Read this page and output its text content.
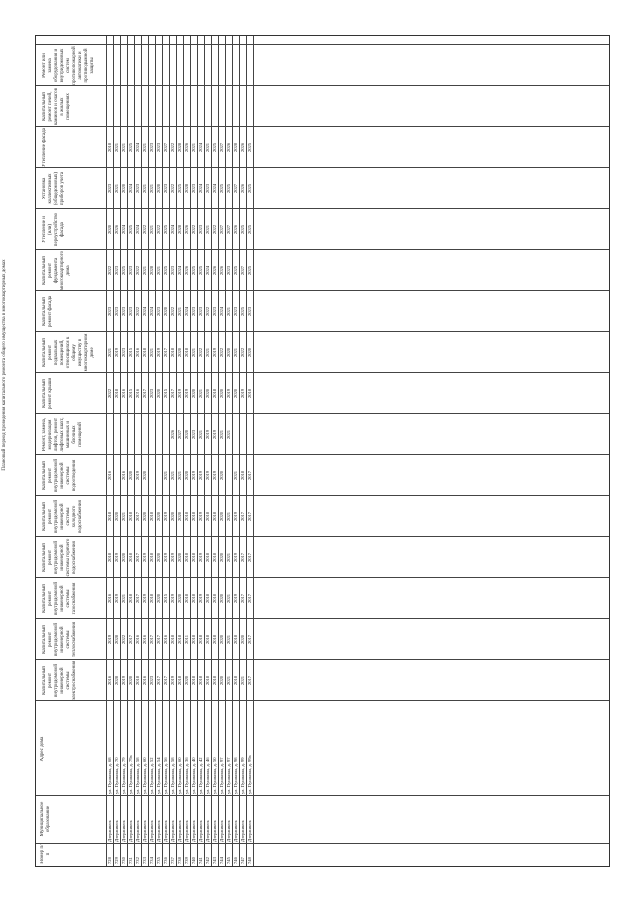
Плановый период проведения капитального ремонта общего имущества в многоквартирных домах
Номер п/п
Муниципальное образование
Адрес дома
Капитальный ремонт внутридомовой инженерной системы электроснабжения
Капитальный ремонт внутридомовой инженерной системы теплоснабжения
Капитальный ремонт внутридомовой инженерной системы газоснабжения
Капитальный ремонт внутридомовой инженерной системы горячего водоснабжения
Капитальный ремонт внутридомовой инженерной системы холодного водоснабжения
Капитальный ремонт внутридомовой инженерной системы водоотведения
Ремонт, замена, модернизация лифтов, ремонт лифтовых шахт, машинных и блочных помещений
Капитальный ремонт крыши
Капитальный ремонт подвальных помещений, относящихся к общему имуществу в многоквартирном доме
Капитальный ремонт фасада
Капитальный ремонт фундамента многоквартирного дома
Утепление и (или) переустройство фасада
Установка коллективных (общедомовых) приборов учета
Утепление фасада
Капитальный ремонт печей, каминов и очагов в жилых помещениях
Ремонт или замена оборудования и внутридомовых систем противопожарной автоматики и противодымной защиты
728
Дзержинск
ул. Пушкина, д. 68
2016
2019
2016
2018
2018
2016
2022
2021
2023
2022
2020
2023
2018
729
Дзержинск
ул. Пушкина, д. 70
2028
2028
2019
2019
2020
2018
2019
2023
2023
2026
2021
2021
730
Дзержинск
ул. Пушкина, д. 79
2019
2022
2021
2020
2021
2016
2016
2023
2023
2025
2024
2020
2021
731
Дзержинск
ул. Пушкина, д. 79а
2020
2017
2018
2018
2018
2020
2015
2015
2023
2023
2025
2024
2025
732
Дзержинск
ул. Пушкина, д. 58
2018
2016
2017
2017
2017
2019
2016
2016
2022
2022
2024
2023
2024
733
Дзержинск
ул. Пушкина, д. 60
2016
2016
2019
2019
2020
2020
2017
2018
2024
2021
2022
2021
2021
734
Дзержинск
ул. Пушкина, д. 52
2023
2017
2018
2018
2018
2023
2021
2024
2028
2021
2021
2023
735
Дзержинск
ул. Пушкина, д. 54
2017
2017
2020
2020
2020
2020
2019
2023
2021
2022
2020
2023
736
Дзержинск
ул. Пушкина, д. 56
2017
2016
2015
2019
2019
2021
2015
2017
2020
2025
2025
2023
2027
737
Дзержинск
ул. Пушкина, д. 58
2019
2018
2019
2019
2020
2021
2026
2017
2018
2022
2023
2024
2022
2022
738
Дзержинск
ул. Пушкина, д. 60
2018
2018
2020
2020
2020
2021
2027
2019
2020
2021
2024
2028
2025
2028
739
Дзержинск
ул. Пушкина, д. 36
2020
2011
2018
2018
2018
2020
2020
2019
2018
2024
2026
2026
2028
2026
740
Дзержинск
ул. Пушкина, д. 40
2018
2018
2018
2018
2018
2019
2023
2020
2021
2023
2025
2022
2023
2021
741
Дзержинск
ул. Пушкина, д. 42
2018
2018
2019
2019
2019
2019
2021
2021
2022
2023
2025
2023
2024
2024
742
Дзержинск
ул. Пушкина, д. 46
2018
2018
2018
2018
2018
2019
2019
2020
2021
2022
2024
2021
2023
2021
743
Дзержинск
ул. Пушкина, д. 50
2018
2018
2018
2018
2018
2019
2019
2018
2019
2023
2026
2022
2024
2025
744
Дзержинск
ул. Пушкина, д. 97
2020
2020
2020
2020
2020
2020
2021
2020
2022
2024
2026
2027
2025
2027
745
Дзержинск
ул. Пушкина, д. 97
2021
2021
2021
2021
2021
2021
2019
2020
2021
2023
2027
2025
2026
746
Дзержинск
ул. Пушкина, д. 98
2018
2018
2019
2019
2019
2021
2020
2021
2023
2025
2026
2027
2028
747
Дзержинск
ул. Пушкина, д. 99
2021
2020
2017
2017
2017
2018
2019
2022
2025
2027
2025
2026
2026
748
Дзержинск
ул. Пушкина, д. 99а
2017
2017
2017
2017
2017
2017
2018
2020
2023
2025
2025
2025
2025
